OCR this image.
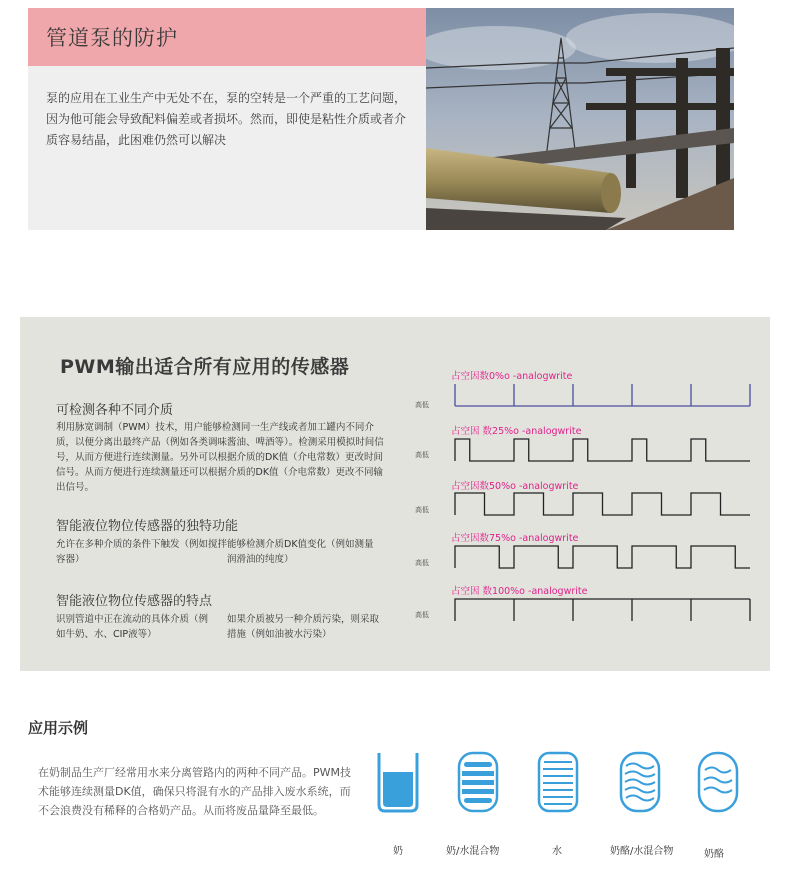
管道泵的防护
泵的应用在工业生产中无处不在，泵的空转是一个严重的工艺问题，因为他可能会导致配料偏差或者损坏。然而，即使是粘性介质或者介质容易结晶，此困难仍然可以解决
PWM输出适合所有应用的传感器
可检测各种不同介质
利用脉宽调制（PWM）技术，用户能够检测同一生产线或者加工罐内不同介质，以便分离出最终产品（例如各类调味酱油、啤酒等）。检测采用模拟时间信号，从而方便进行连续测量。另外可以根据介质的DK值（介电常数）更改时间信号。从而方便进行连续测量还可以根据介质的DK值（介电常数）更改不同输出信号。
智能液位物位传感器的独特功能
允许在多种介质的条件下触发（例如搅拌容器）
能够检测介质DK值变化（例如测量润滑油的纯度）
智能液位物位传感器的特点
识别管道中正在流动的具体介质（例如牛奶、水、CIP液等）
如果介质被另一种介质污染，则采取措施（例如油被水污染）
占空因数0%o -analogwrite
高低
占空因 数25%o -analogwrite
高低
占空因数50%o -analogwrite
高低
占空因数75%o -analogwrite
高低
占空因 数100%o -analogwrite
高低
应用示例
在奶制品生产厂经常用水来分离管路内的两种不同产品。PWM技术能够连续测量DK值，确保只将混有水的产品排入废水系统，而不会浪费没有稀释的合格奶产品。从而将废品量降至最低。
奶	奶/水混合物	水	奶酪/水混合物	奶酪
